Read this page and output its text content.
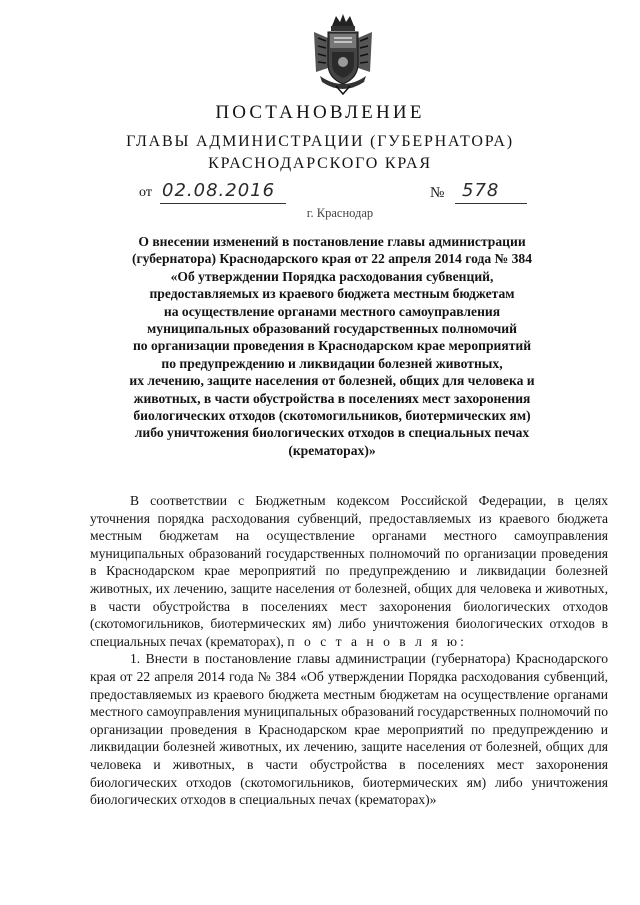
ПОСТАНОВЛЕНИЕ
ГЛАВЫ АДМИНИСТРАЦИИ (ГУБЕРНАТОРА)
КРАСНОДАРСКОГО КРАЯ
от 02.08.2016	№ 578
г. Краснодар
О внесении изменений в постановление главы администрации
(губернатора) Краснодарского края от 22 апреля 2014 года № 384
«Об утверждении Порядка расходования субвенций,
предоставляемых из краевого бюджета местным бюджетам
на осуществление органами местного самоуправления
муниципальных образований государственных полномочий
по организации проведения в Краснодарском крае мероприятий
по предупреждению и ликвидации болезней животных,
их лечению, защите населения от болезней, общих для человека и
животных, в части обустройства в поселениях мест захоронения
биологических отходов (скотомогильников, биотермических ям)
либо уничтожения биологических отходов в специальных печах
(крематорах)»

В соответствии с Бюджетным кодексом Российской Федерации, в целях уточнения порядка расходования субвенций, предоставляемых из краевого бюджета местным бюджетам на осуществление органами местного самоуправления муниципальных образований государственных полномочий по организации проведения в Краснодарском крае мероприятий по предупреждению и ликвидации болезней животных, их лечению, защите населения от болезней, общих для человека и животных, в части обустройства в поселениях мест захоронения биологических отходов (скотомогильников, биотермических ям) либо уничтожения биологических отходов в специальных печах (крематорах), п о с т а н о в л я ю:

1. Внести в постановление главы администрации (губернатора) Краснодарского края от 22 апреля 2014 года № 384 «Об утверждении Порядка расходования субвенций, предоставляемых из краевого бюджета местным бюджетам на осуществление органами местного самоуправления муниципальных образований государственных полномочий по организации проведения в Краснодарском крае мероприятий по предупреждению и ликвидации болезней животных, их лечению, защите населения от болезней, общих для человека и животных, в части обустройства в поселениях мест захоронения биологических отходов (скотомогильников, биотермических ям) либо уничтожения биологических отходов в специальных печах (крематорах)»
